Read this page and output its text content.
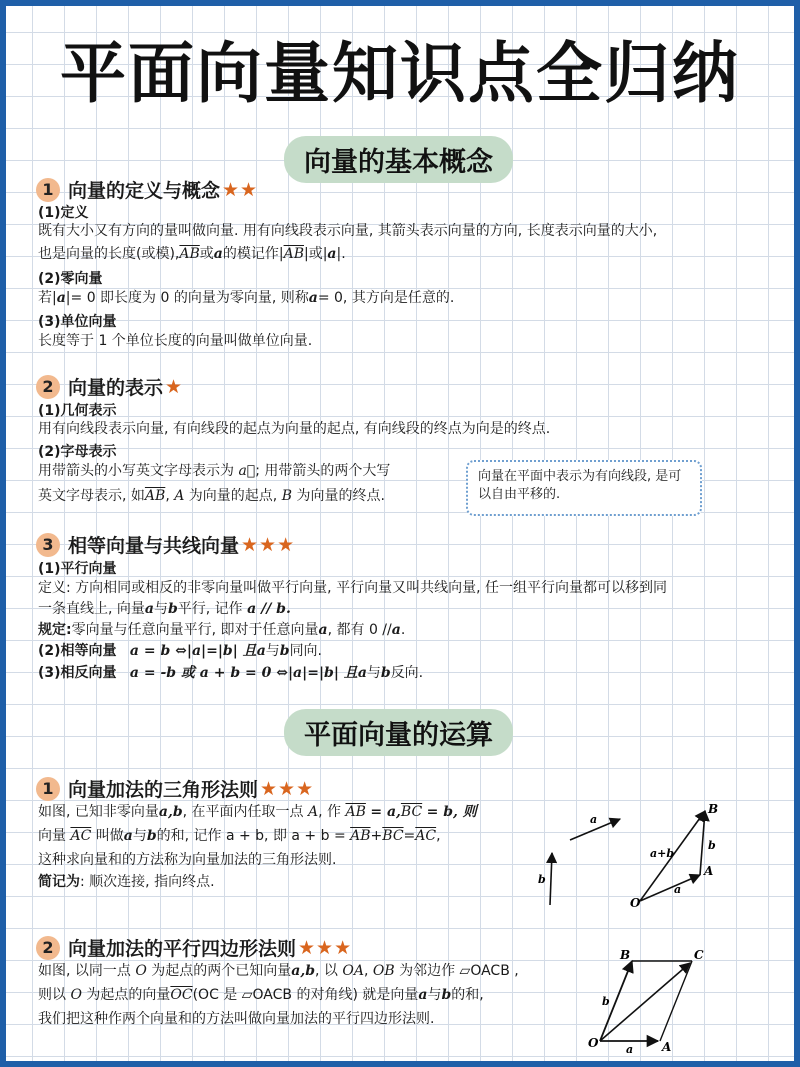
平面向量知识点全归纳
向量的基本概念
1 向量的定义与概念 ★★
(1)定义
既有大小又有方向的量叫做向量. 用有向线段表示向量, 其箭头表示向量的方向, 长度表示向量的大小,
也是向量的长度(或模)$,\overline{AB}$或a的模记作$|\overline{AB}|$或|a|.
(2)零向量
若|a|= 0 即长度为 0 的向量为零向量, 则称a= 0, 其方向是任意的.
(3)单位向量
长度等于 1 个单位长度的向量叫做单位向量.
2 向量的表示 ★
(1)几何表示
用有向线段表示向量, 有向线段的起点为向量的起点, 有向线段的终点为向是的终点.
(2)字母表示
用带箭头的小写英文字母表示为 a⃗; 用带箭头的两个大写
英文字母表示, 如$\overline{AB}$, A 为向量的起点, B 为向量的终点.
向量在平面中表示为有向线段, 是可以自由平移的.
3 相等向量与共线向量 ★★★
(1)平行向量
定义: 方向相同或相反的非零向量叫做平行向量, 平行向量又叫共线向量, 任一组平行向量都可以移到同
一条直线上, 向量a与b平行, 记作 a // b.
规定:零向量与任意向量平行, 即对于任意向量a, 都有 0 //a.
(2)相等向量 a = b ⇔|a|=|b| 且a与b同向.
(3)相反向量 a = -b 或 a + b = 0 ⇔|a|=|b| 且a与b反向.
平面向量的运算
1 向量加法的三角形法则 ★★★
如图, 已知非零向量a,b, 在平面内任取一点 A, 作 $\overline{AB} = a,\overline{BC} = b$, 则
向量 $\overline{AC}$ 叫做a与b的和, 记作 a + b, 即 $a + b = \overline{AB}+\overline{BC}=\overline{AC}$,
这种求向量和的方法称为向量加法的三角形法则.
简记为: 顺次连接, 指向终点.
a
b
a
b
a+b
O
A
B
2 向量加法的平行四边形法则 ★★★
如图, 以同一点 O 为起点的两个已知向量a,b, 以 OA, OB 为邻边作 ▱OACB ,
则以 O 为起点的向量$\overline{OC}(OC$ 是 ▱OACB 的对角线) 就是向量a与b的和,
我们把这种作两个向量和的方法叫做向量加法的平行四边形法则.
O	A
B	C
a
b
